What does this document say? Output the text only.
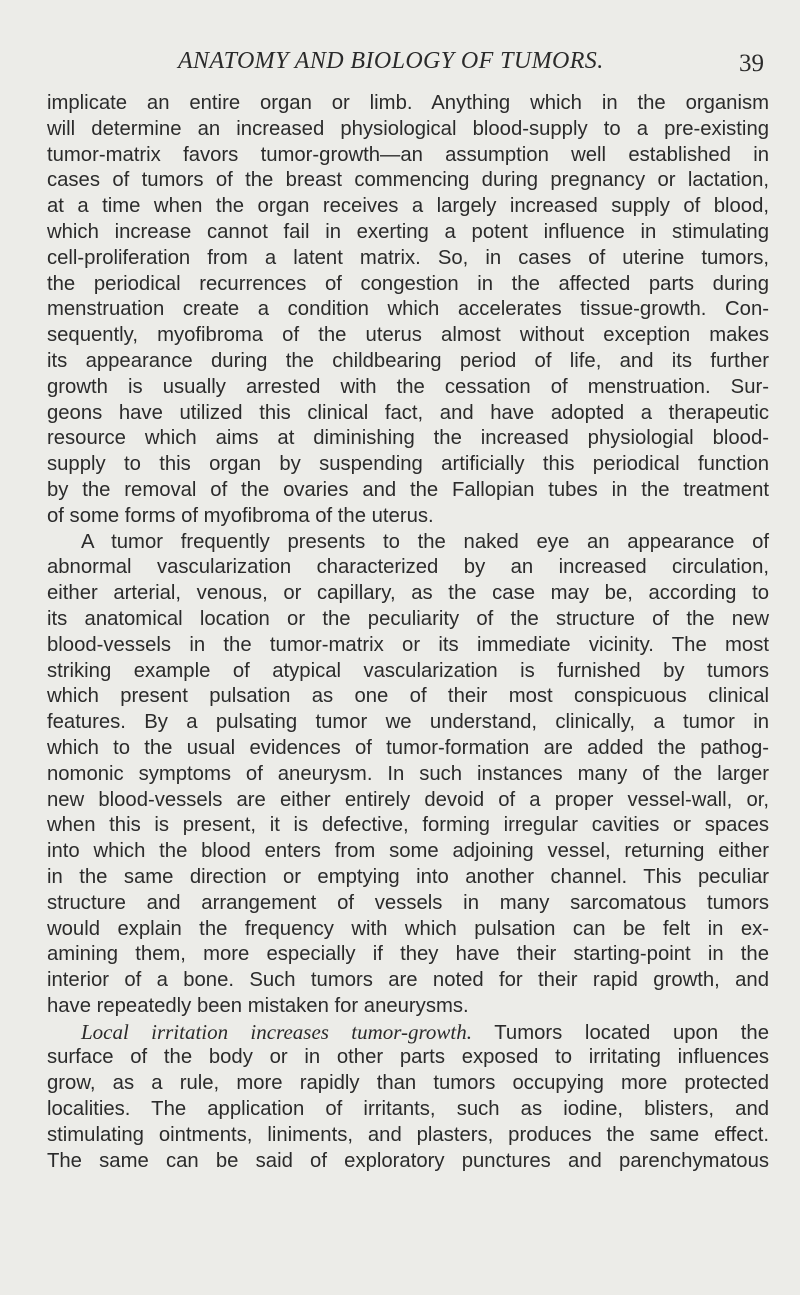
ANATOMY AND BIOLOGY OF TUMORS.	39

implicate an entire organ or limb. Anything which in the organism
will determine an increased physiological blood-supply to a pre-existing
tumor-matrix favors tumor-growth—an assumption well established in
cases of tumors of the breast commencing during pregnancy or lactation,
at a time when the organ receives a largely increased supply of blood,
which increase cannot fail in exerting a potent influence in stimulating
cell-proliferation from a latent matrix. So, in cases of uterine tumors,
the periodical recurrences of congestion in the affected parts during
menstruation create a condition which accelerates tissue-growth. Con-
sequently, myofibroma of the uterus almost without exception makes
its appearance during the childbearing period of life, and its further
growth is usually arrested with the cessation of menstruation. Sur-
geons have utilized this clinical fact, and have adopted a therapeutic
resource which aims at diminishing the increased physiologial blood-
supply to this organ by suspending artificially this periodical function
by the removal of the ovaries and the Fallopian tubes in the treatment
of some forms of myofibroma of the uterus.

A tumor frequently presents to the naked eye an appearance of
abnormal vascularization characterized by an increased circulation,
either arterial, venous, or capillary, as the case may be, according to
its anatomical location or the peculiarity of the structure of the new
blood-vessels in the tumor-matrix or its immediate vicinity. The most
striking example of atypical vascularization is furnished by tumors
which present pulsation as one of their most conspicuous clinical
features. By a pulsating tumor we understand, clinically, a tumor in
which to the usual evidences of tumor-formation are added the pathog-
nomonic symptoms of aneurysm. In such instances many of the larger
new blood-vessels are either entirely devoid of a proper vessel-wall, or,
when this is present, it is defective, forming irregular cavities or spaces
into which the blood enters from some adjoining vessel, returning either
in the same direction or emptying into another channel. This peculiar
structure and arrangement of vessels in many sarcomatous tumors
would explain the frequency with which pulsation can be felt in ex-
amining them, more especially if they have their starting-point in the
interior of a bone. Such tumors are noted for their rapid growth, and
have repeatedly been mistaken for aneurysms.

Local irritation increases tumor-growth. Tumors located upon the
surface of the body or in other parts exposed to irritating influences
grow, as a rule, more rapidly than tumors occupying more protected
localities. The application of irritants, such as iodine, blisters, and
stimulating ointments, liniments, and plasters, produces the same effect.
The same can be said of exploratory punctures and parenchymatous
